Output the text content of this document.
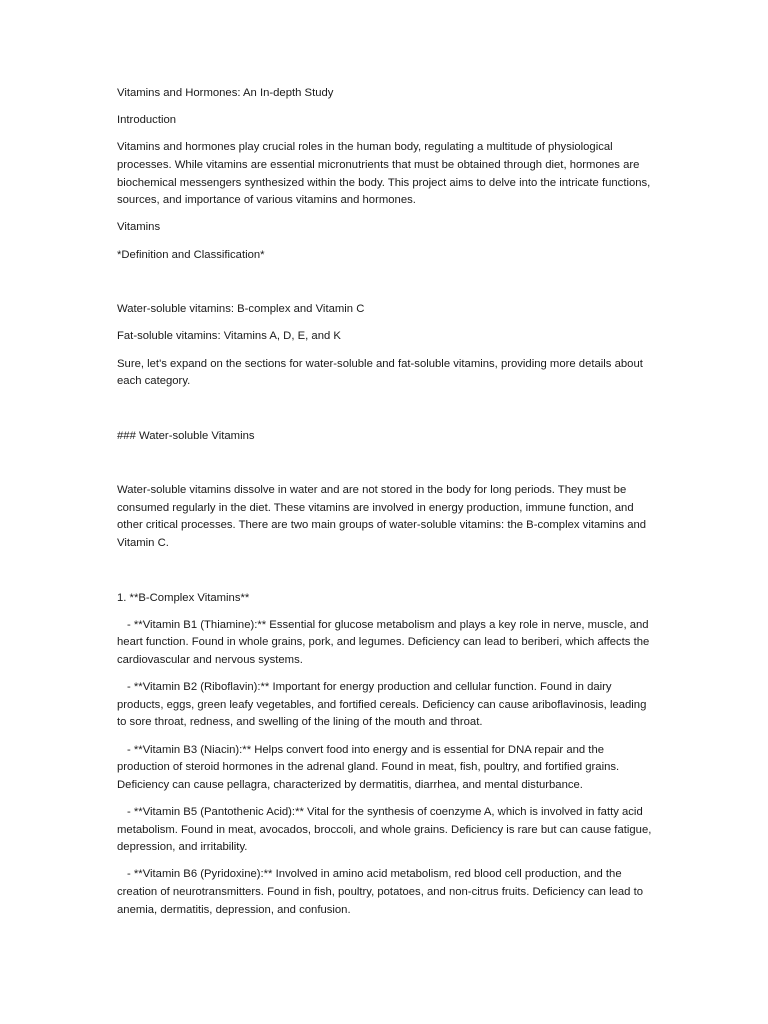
Vitamins and Hormones: An In-depth Study

Introduction

Vitamins and hormones play crucial roles in the human body, regulating a multitude of physiological processes. While vitamins are essential micronutrients that must be obtained through diet, hormones are biochemical messengers synthesized within the body. This project aims to delve into the intricate functions, sources, and importance of various vitamins and hormones.

Vitamins

*Definition and Classification*

Water-soluble vitamins: B-complex and Vitamin C

Fat-soluble vitamins: Vitamins A, D, E, and K

Sure, let's expand on the sections for water-soluble and fat-soluble vitamins, providing more details about each category.

### Water-soluble Vitamins

Water-soluble vitamins dissolve in water and are not stored in the body for long periods. They must be consumed regularly in the diet. These vitamins are involved in energy production, immune function, and other critical processes. There are two main groups of water-soluble vitamins: the B-complex vitamins and Vitamin C.

1. **B-Complex Vitamins**

- **Vitamin B1 (Thiamine):** Essential for glucose metabolism and plays a key role in nerve, muscle, and heart function. Found in whole grains, pork, and legumes. Deficiency can lead to beriberi, which affects the cardiovascular and nervous systems.

- **Vitamin B2 (Riboflavin):** Important for energy production and cellular function. Found in dairy products, eggs, green leafy vegetables, and fortified cereals. Deficiency can cause ariboflavinosis, leading to sore throat, redness, and swelling of the lining of the mouth and throat.

- **Vitamin B3 (Niacin):** Helps convert food into energy and is essential for DNA repair and the production of steroid hormones in the adrenal gland. Found in meat, fish, poultry, and fortified grains. Deficiency can cause pellagra, characterized by dermatitis, diarrhea, and mental disturbance.

- **Vitamin B5 (Pantothenic Acid):** Vital for the synthesis of coenzyme A, which is involved in fatty acid metabolism. Found in meat, avocados, broccoli, and whole grains. Deficiency is rare but can cause fatigue, depression, and irritability.

- **Vitamin B6 (Pyridoxine):** Involved in amino acid metabolism, red blood cell production, and the creation of neurotransmitters. Found in fish, poultry, potatoes, and non-citrus fruits. Deficiency can lead to anemia, dermatitis, depression, and confusion.
